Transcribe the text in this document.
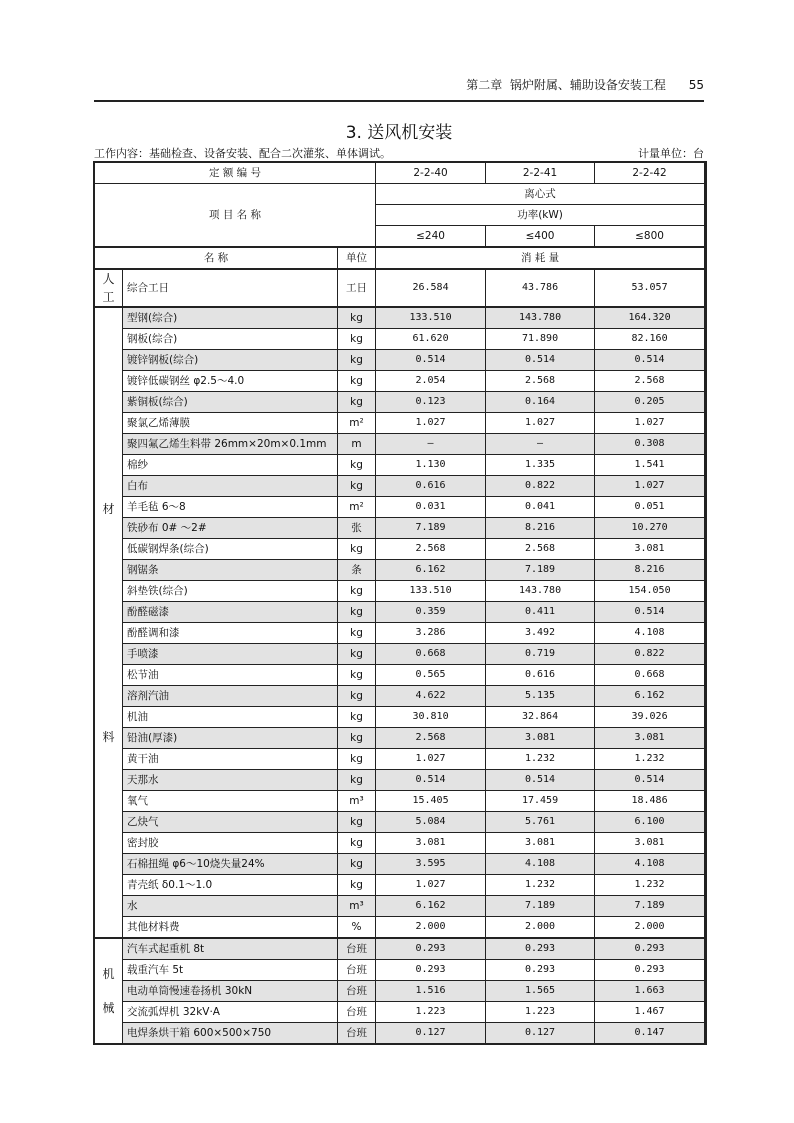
第二章  锅炉附属、辅助设备安装工程 55
3. 送风机安装
工作内容：基础检查、设备安装、配合二次灌浆、单体调试。	计量单位：台
定 额 编 号			2-2-40	2-2-41	2-2-42
项 目 名 称			离心式		
			功率(kW)		
			≤240	≤400	≤800
名 称		单位	消 耗 量		
人工	综合工日	工日	26.584	43.786	53.057

材
料	型钢(综合)	kg	133.510	143.780	164.320
	钢板(综合)	kg	61.620	71.890	82.160
	镀锌钢板(综合)	kg	0.514	0.514	0.514
	镀锌低碳钢丝 φ2.5～4.0	kg	2.054	2.568	2.568
	紫铜板(综合)	kg	0.123	0.164	0.205
	聚氯乙烯薄膜	m²	1.027	1.027	1.027
	聚四氟乙烯生料带 26mm×20m×0.1mm	m	—	—	0.308
	棉纱	kg	1.130	1.335	1.541
	白布	kg	0.616	0.822	1.027
	羊毛毡 6～8	m²	0.031	0.041	0.051
	铁砂布 0# ～2#	张	7.189	8.216	10.270
	低碳钢焊条(综合)	kg	2.568	2.568	3.081
	钢锯条	条	6.162	7.189	8.216
	斜垫铁(综合)	kg	133.510	143.780	154.050
	酚醛磁漆	kg	0.359	0.411	0.514
	酚醛调和漆	kg	3.286	3.492	4.108
	手喷漆	kg	0.668	0.719	0.822
	松节油	kg	0.565	0.616	0.668
	溶剂汽油	kg	4.622	5.135	6.162
	机油	kg	30.810	32.864	39.026
	铅油(厚漆)	kg	2.568	3.081	3.081
	黄干油	kg	1.027	1.232	1.232
	天那水	kg	0.514	0.514	0.514
	氧气	m³	15.405	17.459	18.486
	乙炔气	kg	5.084	5.761	6.100
	密封胶	kg	3.081	3.081	3.081
	石棉扭绳 φ6～10烧失量24%	kg	3.595	4.108	4.108
	青壳纸 δ0.1～1.0	kg	1.027	1.232	1.232
	水	m³	6.162	7.189	7.189
	其他材料费	%	2.000	2.000	2.000

机
械	汽车式起重机 8t	台班	0.293	0.293	0.293
	载重汽车 5t	台班	0.293	0.293	0.293
	电动单筒慢速卷扬机 30kN	台班	1.516	1.565	1.663
	交流弧焊机 32kV·A	台班	1.223	1.223	1.467
	电焊条烘干箱 600×500×750	台班	0.127	0.127	0.147
